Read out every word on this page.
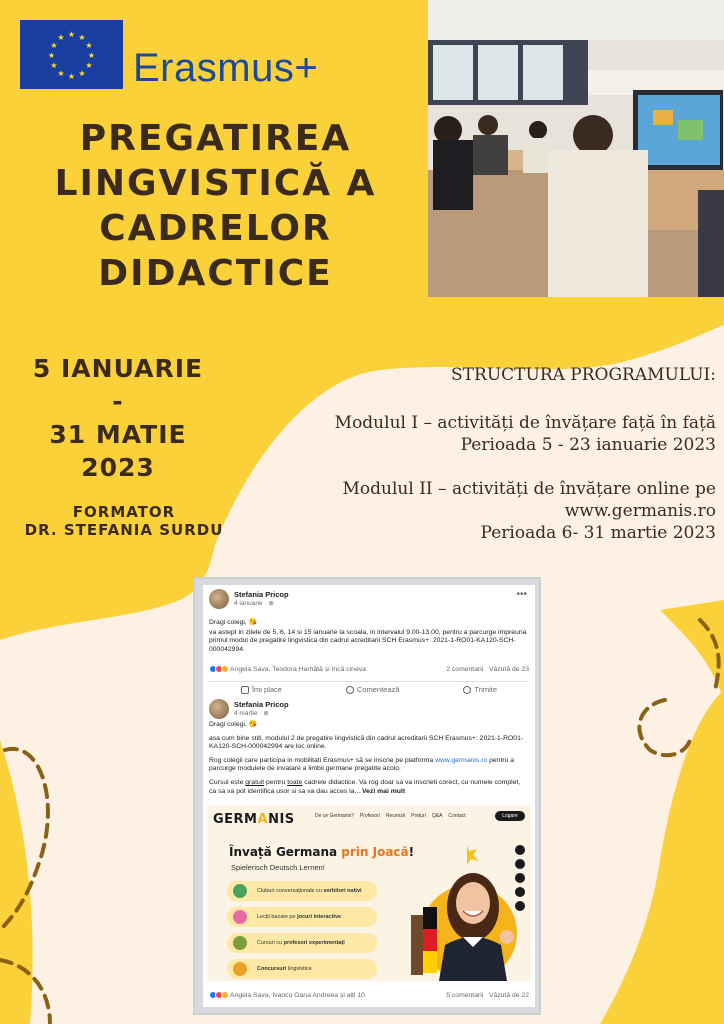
★ ★
★
★
★
★
★
★
★
★
★
★
Erasmus+
PREGATIREA
LINGVISTICĂ A
CADRELOR
DIDACTICE
5 IANUARIE
-
31 MATIE
2023
FORMATOR
DR. STEFANIA SURDU

STRUCTURA PROGRAMULUI:

Modulul I – activități de învățare față în față

Perioada 5 - 23 ianuarie 2023

Modulul II – activități de învățare online pe

www.germanis.ro

Perioada 6- 31 martie 2023

Stefania Pricop
4 ianuarie · ⊕
•••

Dragi colegi, 😘

va astept in zilele de 5, 6, 14 si 15 ianuarie la scoala, in intervalul 9.00-13.00, pentru a parcurge impreuna primul modul de pregatire lingvistica din cadrul acreditarii SCH Erasmus+: 2021-1-RO01-KA120-SCH-000042994.

Angela Sava, Teodora Harhătă și încă cineva	2 comentarii Văzută de 23
Îmi place	Comentează	Trimite
Stefania Pricop
4 martie · ⊕

Dragi colegi, 😘

asa cum bine stiti, modulul 2 de pregatire lingvistică din cadrul acreditarii SCH Erasmus+: 2021-1-RO01-KA120-SCH-000042994 are loc online.

Rog colegii care participa in mobilitati Erasmus+ să se inscrie pe platforma www.germanis.ro pentru a parcurge modulele de invatare a limbii germane pregatite acolo.

Cursul este gratuit pentru toate cadrele didactice. Va rog doar sa va inscrieti corect, cu numele complet, ca sa va pot identifica usor si sa va dau acces la... Vezi mai mult

GERMANIS	De ce Germanis? Profesori Recenzii Prețuri Q&A Contact	Logare
Învață Germana prin Joacă!
Spielerisch Deutsch Lernen!
Cluburi conversaționale cu vorbitori nativi
Lecții bazate pe jocuri interactive
Cursuri cu profesori experimentați
Concursuri lingvistice
Angela Sava, Ivancu Oana Andreea și alți 10	5 comentarii Văzută de 22
